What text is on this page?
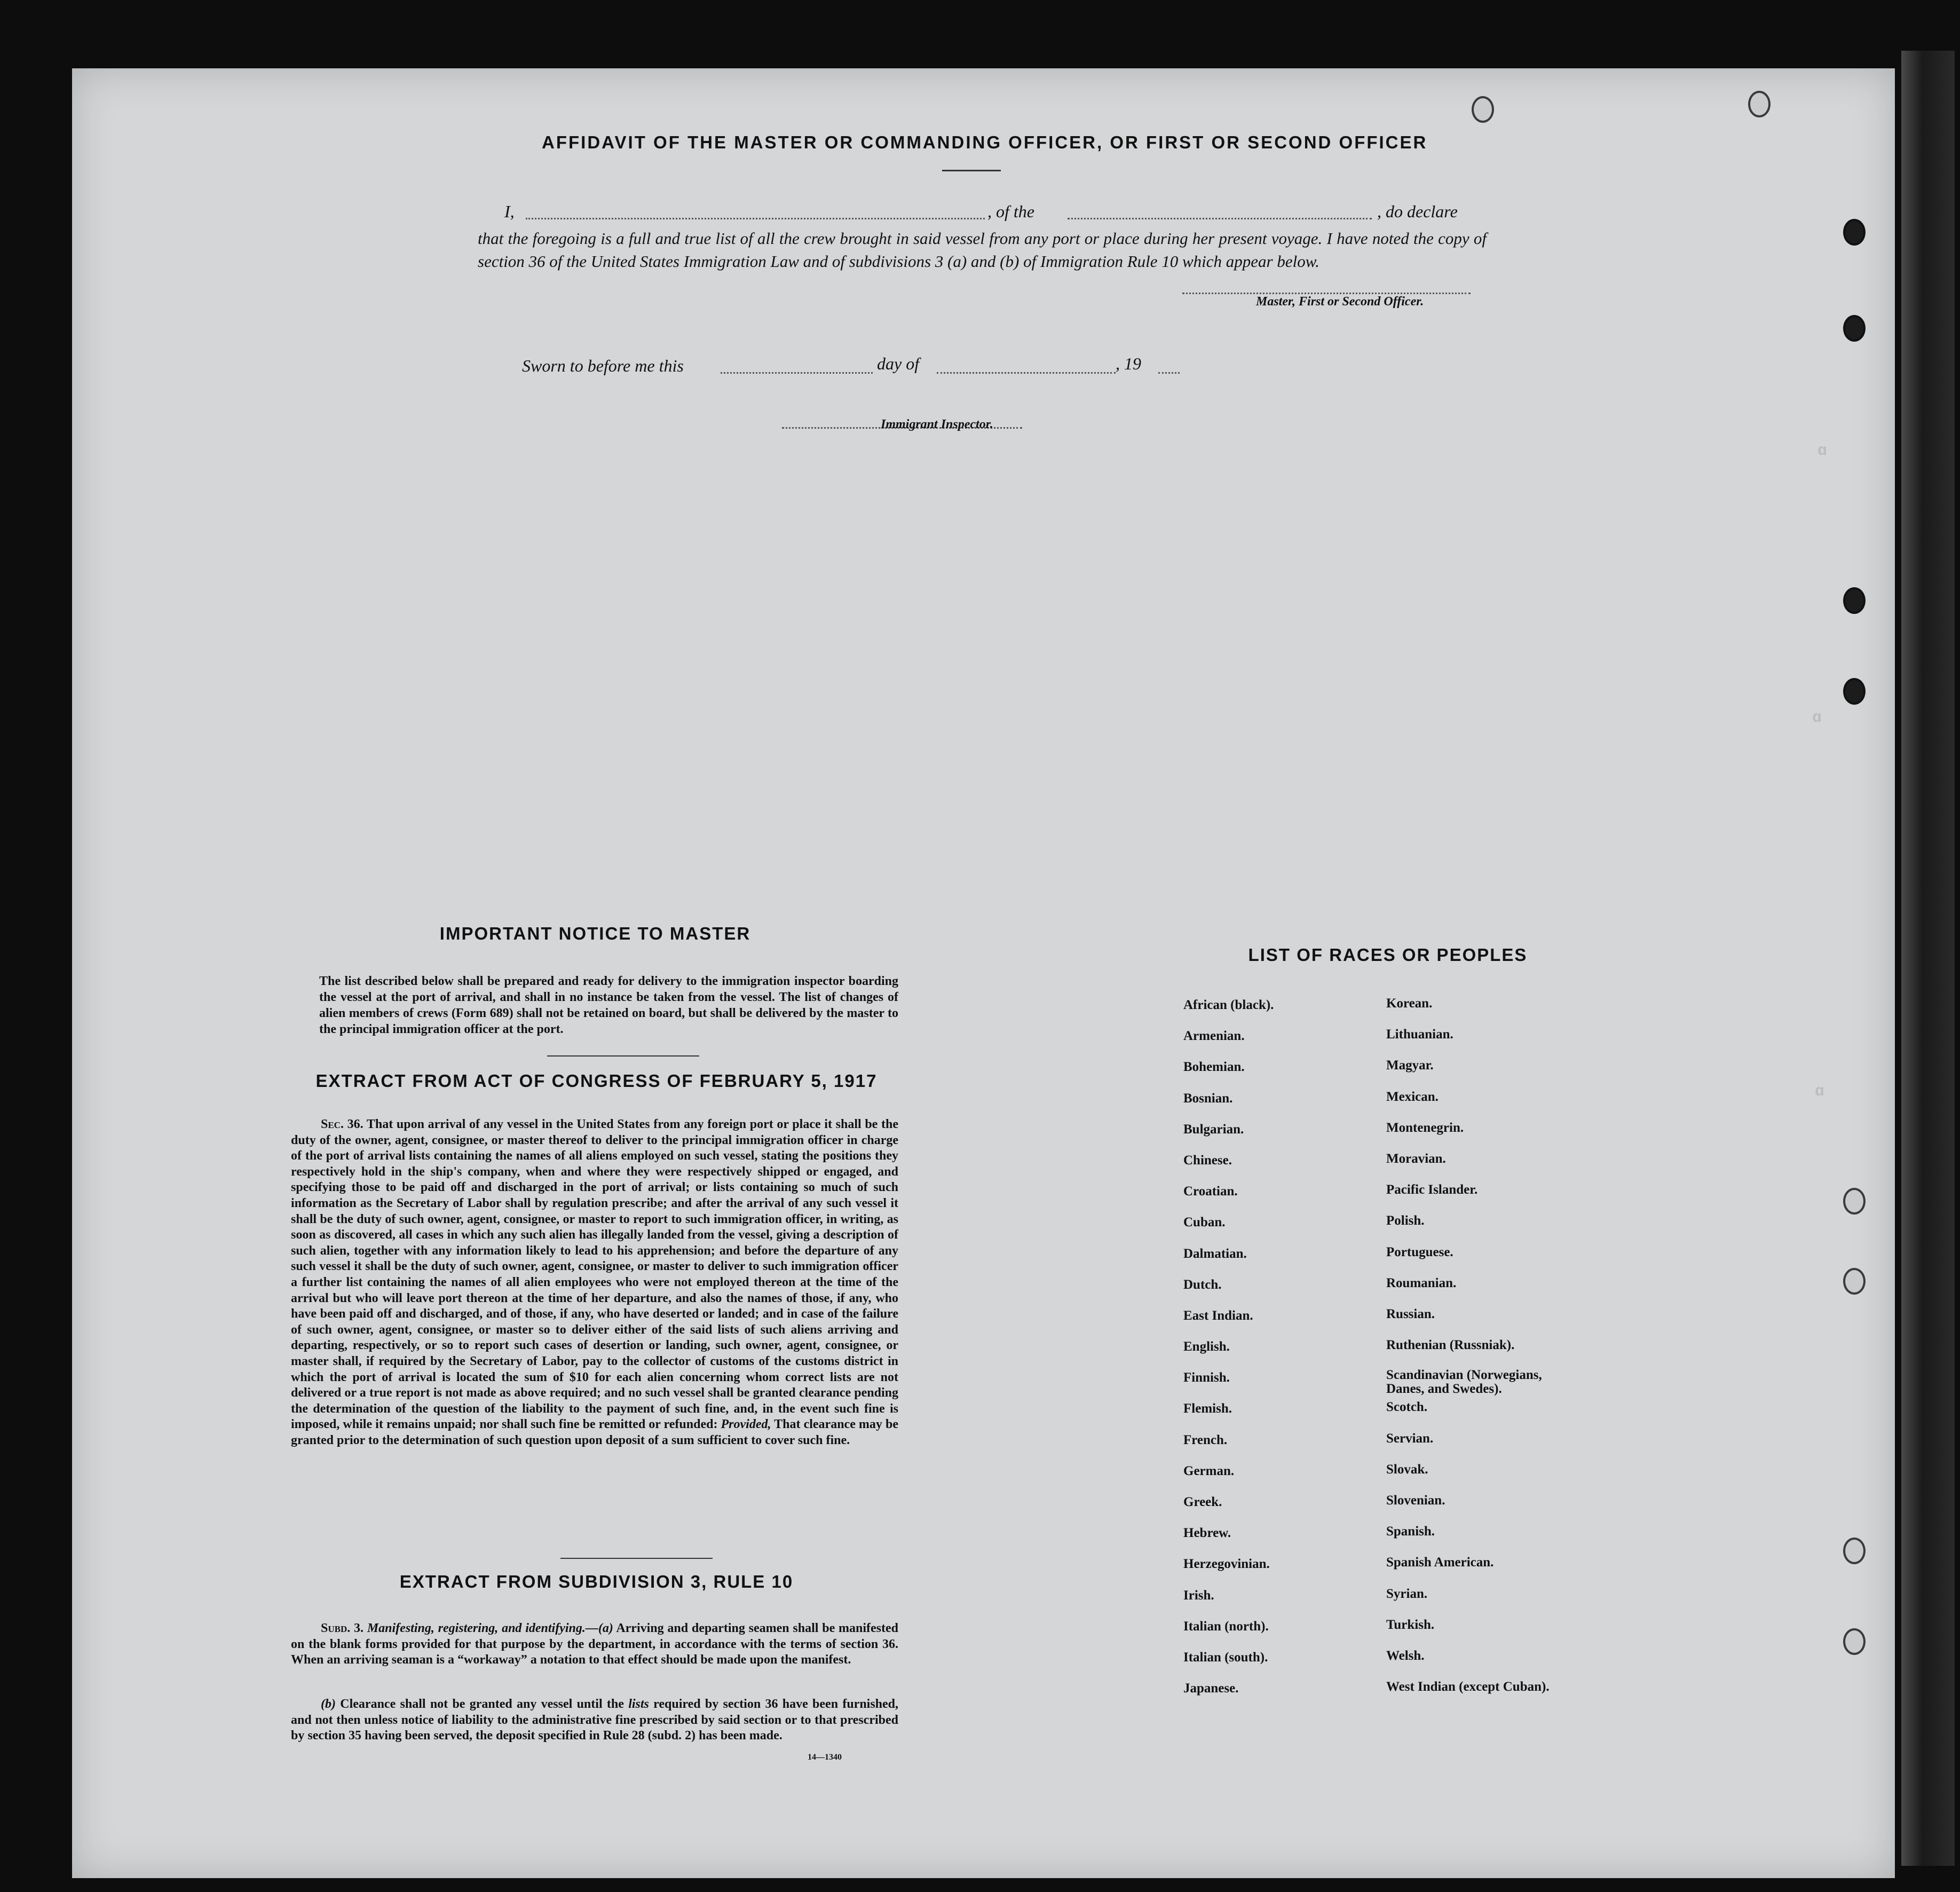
ɑ
ɑ
ɑ
AFFIDAVIT OF THE MASTER OR COMMANDING OFFICER, OR FIRST OR SECOND OFFICER
I,	, of the	, do declare
that the foregoing is a full and true list of all the crew brought in said vessel from any port or place during her present voyage. I have noted the copy of section 36 of the United States Immigration Law and of subdivisions 3 (a) and (b) of Immigration Rule 10 which appear below.
Master, First or Second Officer.
Sworn to before me this	day of	, 19
Immigrant Inspector.
IMPORTANT NOTICE TO MASTER
The list described below shall be prepared and ready for delivery to the immigration inspector boarding the vessel at the port of arrival, and shall in no instance be taken from the vessel. The list of changes of alien members of crews (Form 689) shall not be retained on board, but shall be delivered by the master to the principal immigration officer at the port.
EXTRACT FROM ACT OF CONGRESS OF FEBRUARY 5, 1917
Sec. 36. That upon arrival of any vessel in the United States from any foreign port or place it shall be the duty of the owner, agent, consignee, or master thereof to deliver to the principal immigration officer in charge of the port of arrival lists containing the names of all aliens employed on such vessel, stating the positions they respectively hold in the ship's company, when and where they were respectively shipped or engaged, and specifying those to be paid off and discharged in the port of arrival; or lists containing so much of such information as the Secretary of Labor shall by regulation prescribe; and after the arrival of any such vessel it shall be the duty of such owner, agent, consignee, or master to report to such immigration officer, in writing, as soon as discovered, all cases in which any such alien has illegally landed from the vessel, giving a description of such alien, together with any information likely to lead to his apprehension; and before the departure of any such vessel it shall be the duty of such owner, agent, consignee, or master to deliver to such immigration officer a further list containing the names of all alien employees who were not employed thereon at the time of the arrival but who will leave port thereon at the time of her departure, and also the names of those, if any, who have been paid off and discharged, and of those, if any, who have deserted or landed; and in case of the failure of such owner, agent, consignee, or master so to deliver either of the said lists of such aliens arriving and departing, respectively, or so to report such cases of desertion or landing, such owner, agent, consignee, or master shall, if required by the Secretary of Labor, pay to the collector of customs of the customs district in which the port of arrival is located the sum of $10 for each alien concerning whom correct lists are not delivered or a true report is not made as above required; and no such vessel shall be granted clearance pending the determination of the question of the liability to the payment of such fine, and, in the event such fine is imposed, while it remains unpaid; nor shall such fine be remitted or refunded: Provided, That clearance may be granted prior to the determination of such question upon deposit of a sum sufficient to cover such fine.
EXTRACT FROM SUBDIVISION 3, RULE 10
Subd. 3. Manifesting, registering, and identifying.—(a) Arriving and departing seamen shall be manifested on the blank forms provided for that purpose by the department, in accordance with the terms of section 36. When an arriving seaman is a “workaway” a notation to that effect should be made upon the manifest.
(b) Clearance shall not be granted any vessel until the lists required by section 36 have been furnished, and not then unless notice of liability to the administrative fine prescribed by said section or to that prescribed by section 35 having been served, the deposit specified in Rule 28 (subd. 2) has been made.
14—1340
LIST OF RACES OR PEOPLES
African (black).
Armenian.
Bohemian.
Bosnian.
Bulgarian.
Chinese.
Croatian.
Cuban.
Dalmatian.
Dutch.
East Indian.
English.
Finnish.
Flemish.
French.
German.
Greek.
Hebrew.
Herzegovinian.
Irish.
Italian (north).
Italian (south).
Japanese.
Korean.
Lithuanian.
Magyar.
Mexican.
Montenegrin.
Moravian.
Pacific Islander.
Polish.
Portuguese.
Roumanian.
Russian.
Ruthenian (Russniak).
Scandinavian (Norwegians, Danes, and Swedes).
Scotch.
Servian.
Slovak.
Slovenian.
Spanish.
Spanish American.
Syrian.
Turkish.
Welsh.
West Indian (except Cuban).
